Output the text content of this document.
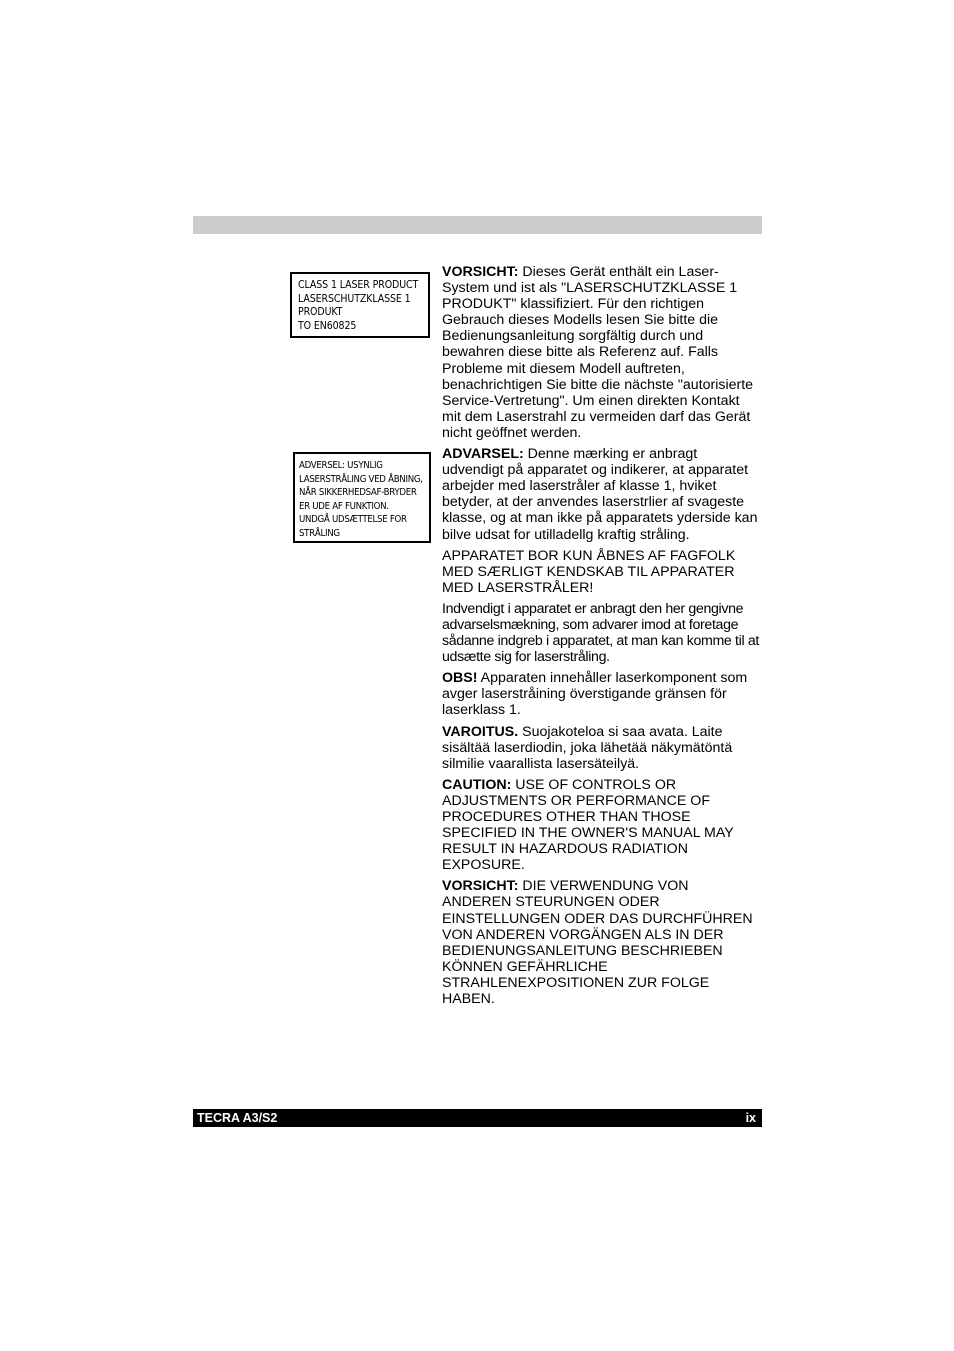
CLASS 1 LASER PRODUCT
LASERSCHUTZKLASSE 1
PRODUKT
TO EN60825
ADVERSEL: USYNLIG
LASERSTRÅLING VED ÅBNING,
NÅR SIKKERHEDSAF-BRYDER
ER UDE AF FUNKTION.
UNDGÅ UDSÆTTELSE FOR
STRÅLING

VORSICHT: Dieses Gerät enthält ein Laser-System und ist als "LASERSCHUTZKLASSE 1 PRODUKT" klassifiziert. Für den richtigen Gebrauch dieses Modells lesen Sie bitte die Bedienungsanleitung sorgfältig durch und bewahren diese bitte als Referenz auf. Falls Probleme mit diesem Modell auftreten, benachrichtigen Sie bitte die nächste "autorisierte Service-Vertretung". Um einen direkten Kontakt mit dem Laserstrahl zu vermeiden darf das Gerät nicht geöffnet werden.

ADVARSEL: Denne mærking er anbragt udvendigt på apparatet og indikerer, at apparatet arbejder med laserstråler af klasse 1, hviket betyder, at der anvendes laserstrlier af svageste klasse, og at man ikke på apparatets yderside kan bilve udsat for utilladellg kraftig stråling.

APPARATET BOR KUN ÅBNES AF FAGFOLK MED SÆRLIGT KENDSKAB TIL APPARATER MED LASERSTRÅLER!

Indvendigt i apparatet er anbragt den her gengivne advarselsmækning, som advarer imod at foretage sådanne indgreb i apparatet, at man kan komme til at udsætte sig for laserstråling.

OBS! Apparaten innehåller laserkomponent som avger laserstråining överstigande gränsen för laserklass 1.

VAROITUS. Suojakoteloa si saa avata. Laite sisältää laserdiodin, joka lähetää näkymätöntä silmilie vaarallista lasersäteilyä.

CAUTION: USE OF CONTROLS OR ADJUSTMENTS OR PERFORMANCE OF PROCEDURES OTHER THAN THOSE SPECIFIED IN THE OWNER'S MANUAL MAY RESULT IN HAZARDOUS RADIATION EXPOSURE.

VORSICHT: DIE VERWENDUNG VON ANDEREN STEURUNGEN ODER EINSTELLUNGEN ODER DAS DURCHFÜHREN VON ANDEREN VORGÄNGEN ALS IN DER BEDIENUNGSANLEITUNG BESCHRIEBEN KÖNNEN GEFÄHRLICHE STRAHLENEXPOSITIONEN ZUR FOLGE HABEN.

TECRA A3/S2	ix
